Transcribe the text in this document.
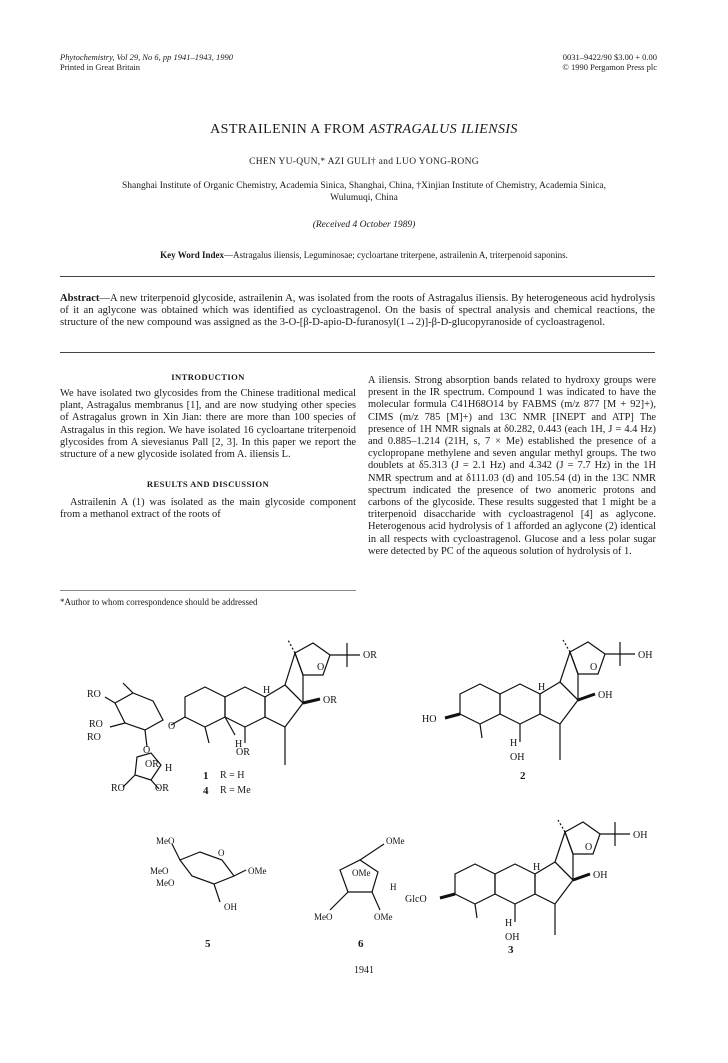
Phytochemistry, Vol 29, No 6, pp 1941–1943, 1990
Printed in Great Britain
0031–9422/90 $3.00 + 0.00
© 1990 Pergamon Press plc
ASTRAILENIN A FROM ASTRAGALUS ILIENSIS
CHEN YU-QUN,* AZI GULI† and LUO YONG-RONG
Shanghai Institute of Organic Chemistry, Academia Sinica, Shanghai, China, †Xinjian Institute of Chemistry, Academia Sinica,
Wulumuqi, China
(Received 4 October 1989)
Key Word Index—Astragalus iliensis, Leguminosae; cycloartane triterpene, astrailenin A, triterpenoid saponins.
Abstract—A new triterpenoid glycoside, astrailenin A, was isolated from the roots of Astragalus iliensis. By heterogeneous acid hydrolysis of it an aglycone was obtained which was identified as cycloastragenol. On the basis of spectral analysis and chemical reactions, the structure of the new compound was assigned as the 3-O-[β-D-apio-D-furanosyl(1→2)]-β-D-glucopyranoside of cycloastragenol.
INTRODUCTION
We have isolated two glycosides from the Chinese traditional medical plant, Astragalus membranus [1], and are now studying other species of Astragalus grown in Xin Jian: there are more than 100 species of Astragalus in this region. We have isolated 16 cycloartane triterpenoid glycosides from A sievesianus Pall [2, 3]. In this paper we report the structure of a new glycoside isolated from A. iliensis L.
RESULTS AND DISCUSSION
Astrailenin A (1) was isolated as the main glycoside component from a methanol extract of the roots of
*Author to whom correspondence should be addressed
A iliensis. Strong absorption bands related to hydroxy groups were present in the IR spectrum. Compound 1 was indicated to have the molecular formula C41H68O14 by FABMS (m/z 877 [M + 92]+), CIMS (m/z 785 [M]+) and 13C NMR [INEPT and ATP] The presence of 1H NMR signals at δ0.282, 0.443 (each 1H, J = 4.4 Hz) and 0.885–1.214 (21H, s, 7 × Me) established the presence of a cyclopropane methylene and seven angular methyl groups. The two doublets at δ5.313 (J = 2.1 Hz) and 4.342 (J = 7.7 Hz) in the 1H NMR spectrum and at δ111.03 (d) and 105.54 (d) in the 13C NMR spectrum indicated the presence of two anomeric protons and carbons of the glycoside. These results suggested that 1 might be a triterpenoid disaccharide with cycloastragenol [4] as aglycone. Heterogenous acid hydrolysis of 1 afforded an aglycone (2) identical in all respects with cycloastragenol. Glucose and a less polar sugar were detected by PC of the aqueous solution of hydrolysis of 1.
OR
OR
H
RO
RO
RO
O
O
H
OR
O
OR H
RO	OR
1 R = H
4 R = Me
O
OH
OH
H
HO
H
OH
2
MeO
O
MeO	OMe
MeO
OH
5
OMe
OMe
H
MeO	OMe
6
O
OH
OH
H
GlcO
H
OH
3
1941
